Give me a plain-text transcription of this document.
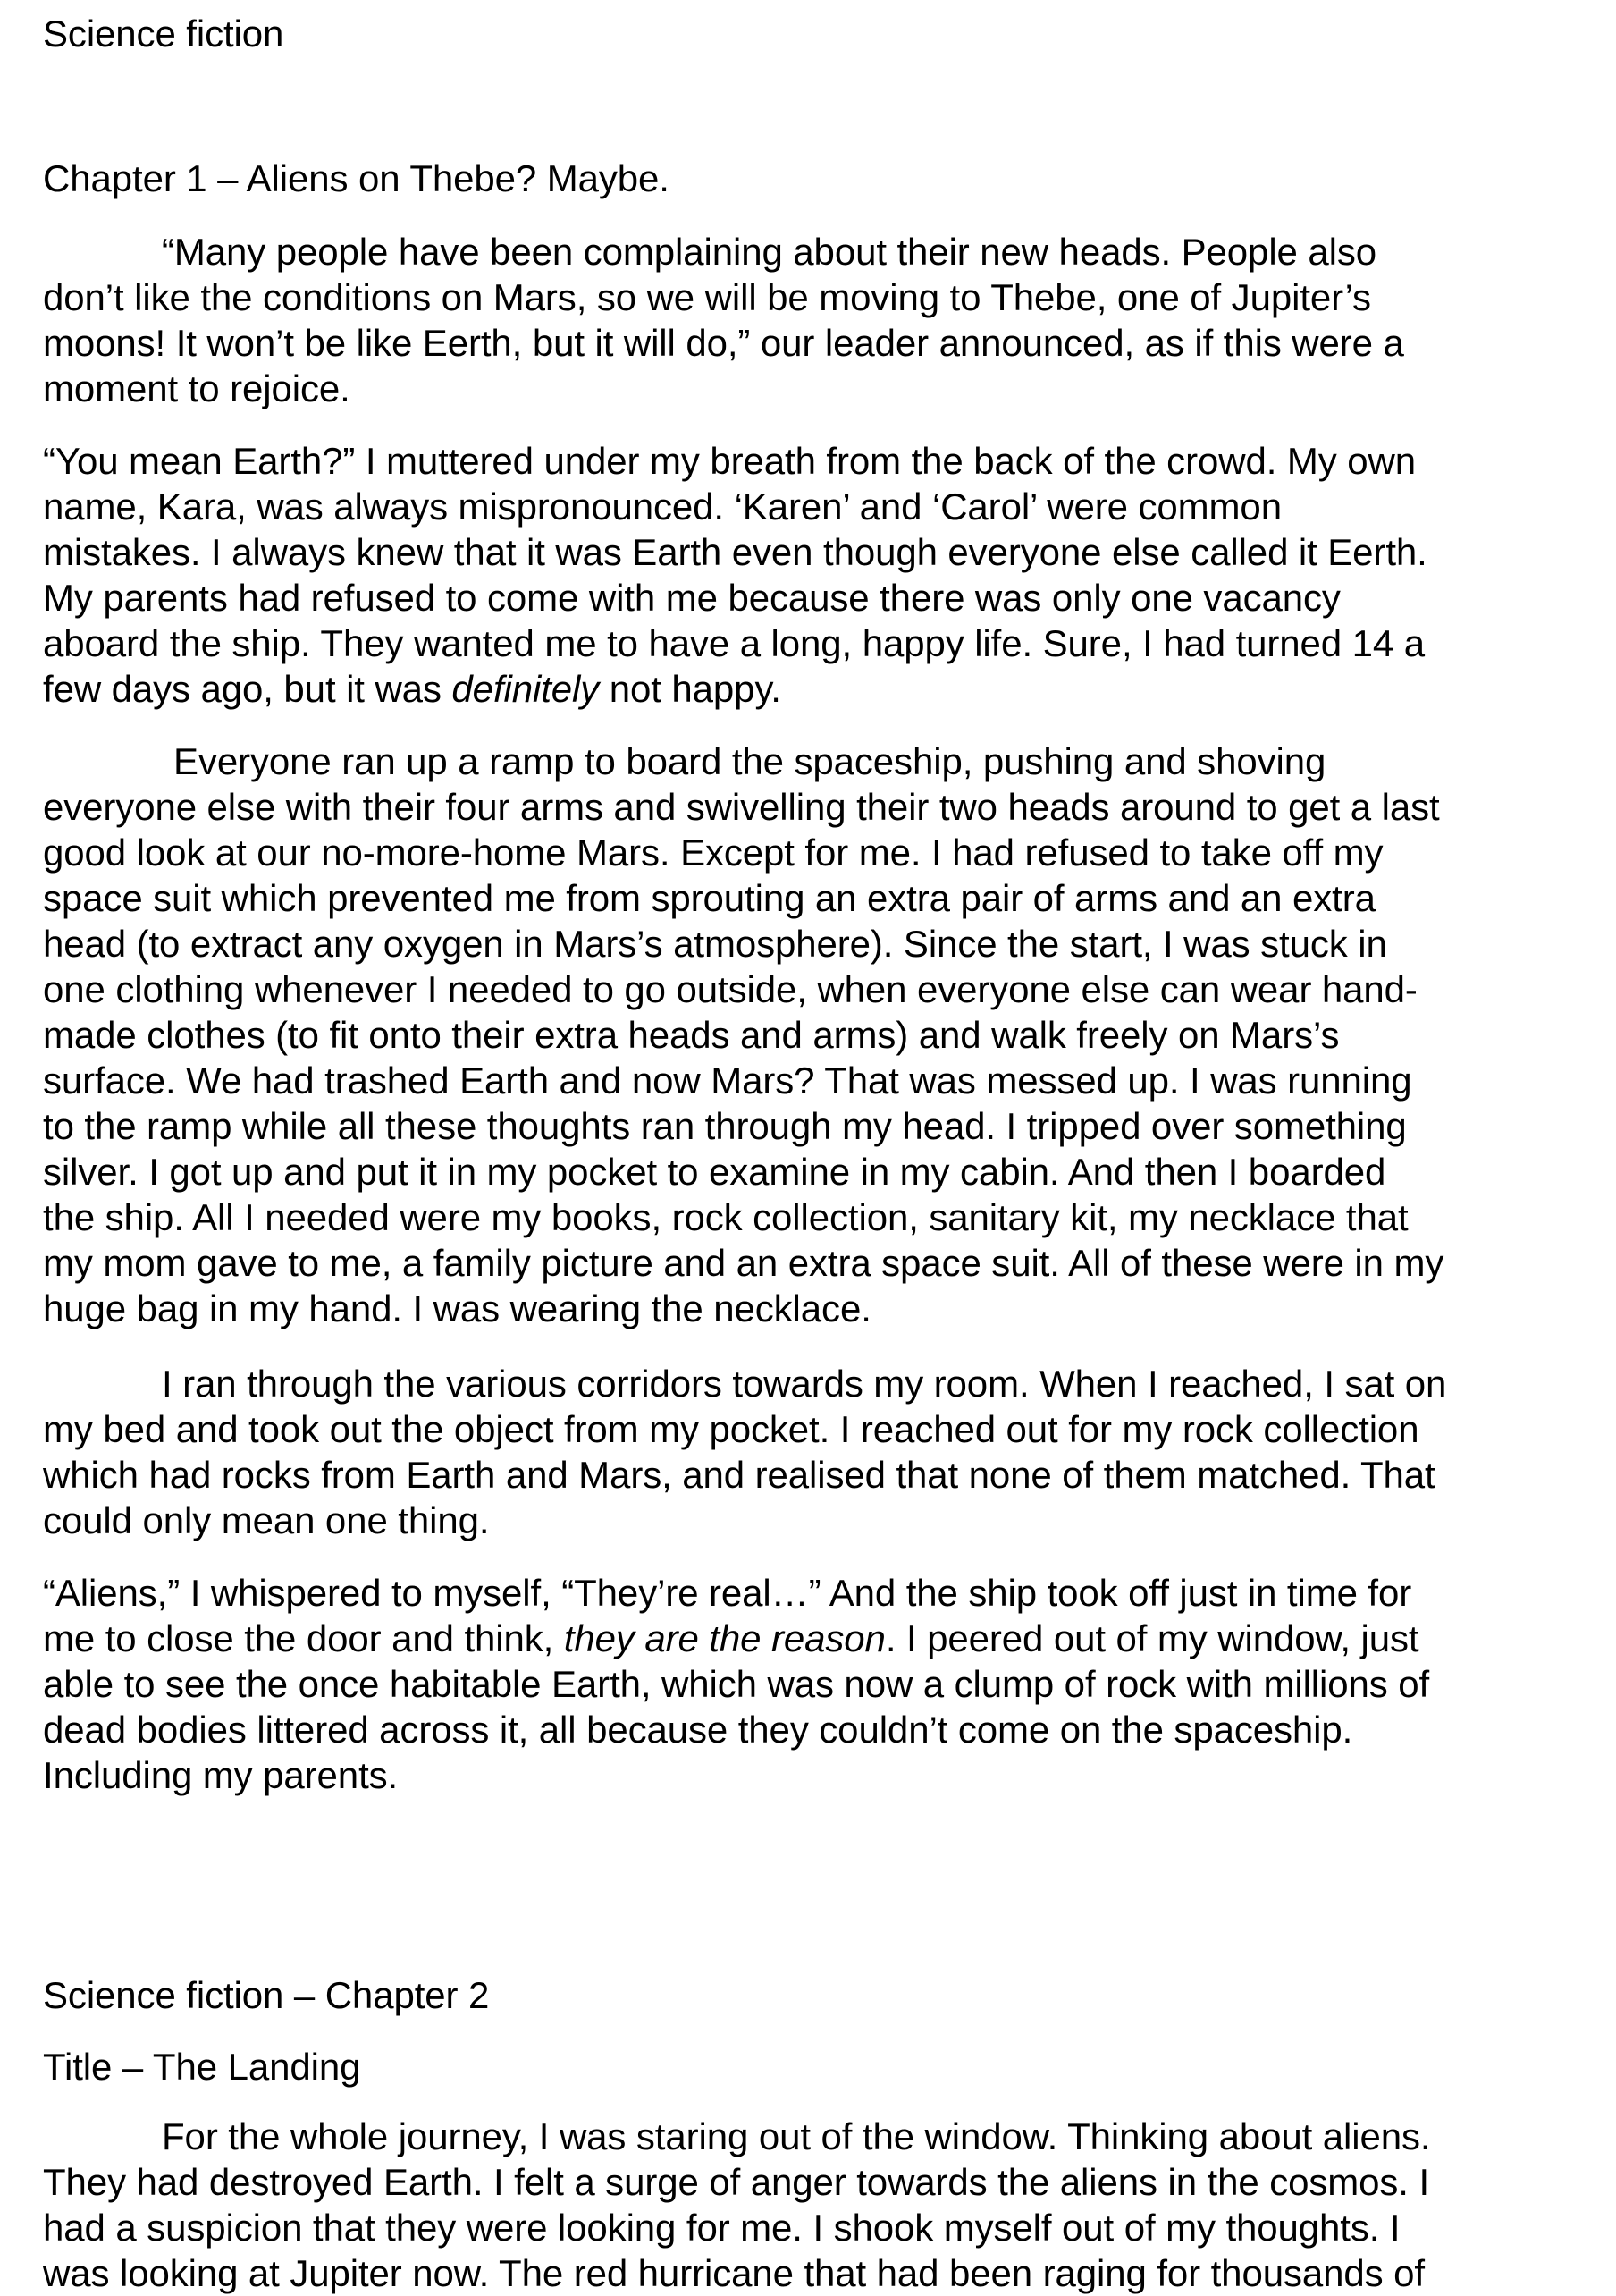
Science fiction

Chapter 1 – Aliens on Thebe? Maybe.

“Many people have been complaining about their new heads. People also
don’t like the conditions on Mars, so we will be moving to Thebe, one of Jupiter’s
moons! It won’t be like Eerth, but it will do,” our leader announced, as if this were a
moment to rejoice.

“You mean Earth?” I muttered under my breath from the back of the crowd. My own
name, Kara, was always mispronounced. ‘Karen’ and ‘Carol’ were common
mistakes. I always knew that it was Earth even though everyone else called it Eerth.
My parents had refused to come with me because there was only one vacancy
aboard the ship. They wanted me to have a long, happy life. Sure, I had turned 14 a
few days ago, but it was definitely not happy.

Everyone ran up a ramp to board the spaceship, pushing and shoving
everyone else with their four arms and swivelling their two heads around to get a last
good look at our no-more-home Mars. Except for me. I had refused to take off my
space suit which prevented me from sprouting an extra pair of arms and an extra
head (to extract any oxygen in Mars’s atmosphere). Since the start, I was stuck in
one clothing whenever I needed to go outside, when everyone else can wear hand-
made clothes (to fit onto their extra heads and arms) and walk freely on Mars’s
surface. We had trashed Earth and now Mars? That was messed up. I was running
to the ramp while all these thoughts ran through my head. I tripped over something
silver. I got up and put it in my pocket to examine in my cabin. And then I boarded
the ship. All I needed were my books, rock collection, sanitary kit, my necklace that
my mom gave to me, a family picture and an extra space suit. All of these were in my
huge bag in my hand. I was wearing the necklace.

I ran through the various corridors towards my room. When I reached, I sat on
my bed and took out the object from my pocket. I reached out for my rock collection
which had rocks from Earth and Mars, and realised that none of them matched. That
could only mean one thing.

“Aliens,” I whispered to myself, “They’re real…” And the ship took off just in time for
me to close the door and think, they are the reason. I peered out of my window, just
able to see the once habitable Earth, which was now a clump of rock with millions of
dead bodies littered across it, all because they couldn’t come on the spaceship.
Including my parents.

Science fiction – Chapter 2

Title – The Landing

For the whole journey, I was staring out of the window. Thinking about aliens.
They had destroyed Earth. I felt a surge of anger towards the aliens in the cosmos. I
had a suspicion that they were looking for me. I shook myself out of my thoughts. I
was looking at Jupiter now. The red hurricane that had been raging for thousands of
